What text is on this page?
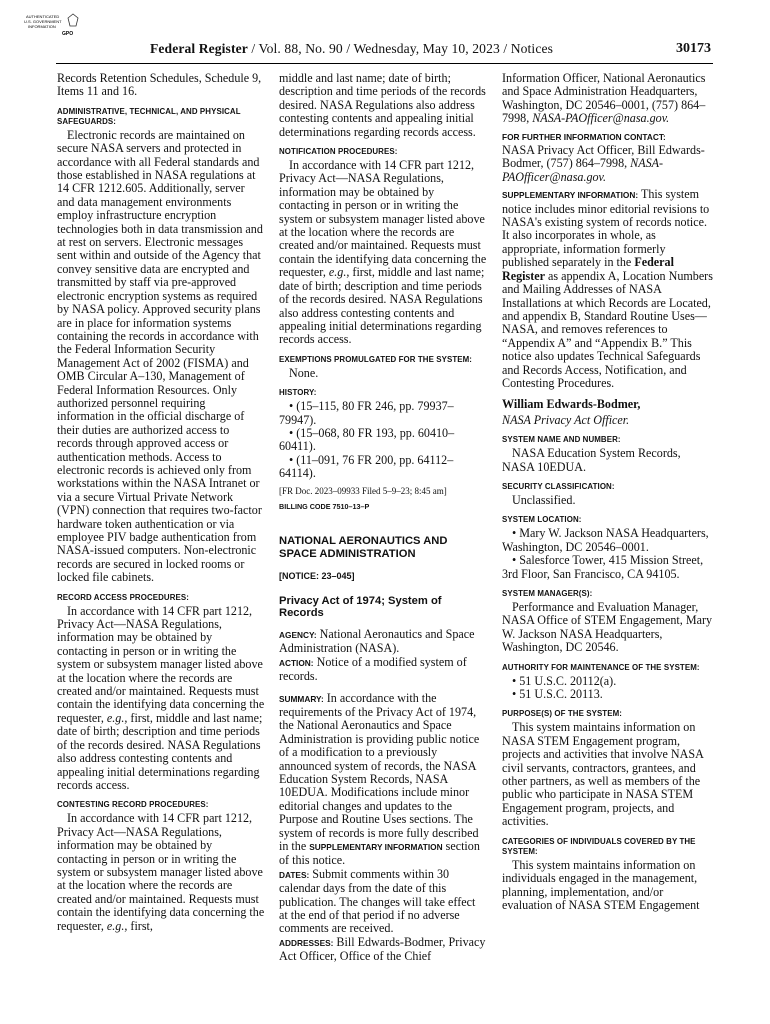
AUTHENTICATED
U.S. GOVERNMENT
INFORMATION
GPO
Federal Register / Vol. 88, No. 90 / Wednesday, May 10, 2023 / Notices	30173

Records Retention Schedules, Schedule 9, Items 11 and 16.

ADMINISTRATIVE, TECHNICAL, AND PHYSICAL SAFEGUARDS:

Electronic records are maintained on secure NASA servers and protected in accordance with all Federal standards and those established in NASA regulations at 14 CFR 1212.605. Additionally, server and data management environments employ infrastructure encryption technologies both in data transmission and at rest on servers. Electronic messages sent within and outside of the Agency that convey sensitive data are encrypted and transmitted by staff via pre-approved electronic encryption systems as required by NASA policy. Approved security plans are in place for information systems containing the records in accordance with the Federal Information Security Management Act of 2002 (FISMA) and OMB Circular A–130, Management of Federal Information Resources. Only authorized personnel requiring information in the official discharge of their duties are authorized access to records through approved access or authentication methods. Access to electronic records is achieved only from workstations within the NASA Intranet or via a secure Virtual Private Network (VPN) connection that requires two-factor hardware token authentication or via employee PIV badge authentication from NASA-issued computers. Non-electronic records are secured in locked rooms or locked file cabinets.

RECORD ACCESS PROCEDURES:

In accordance with 14 CFR part 1212, Privacy Act—NASA Regulations, information may be obtained by contacting in person or in writing the system or subsystem manager listed above at the location where the records are created and/or maintained. Requests must contain the identifying data concerning the requester, e.g., first, middle and last name; date of birth; description and time periods of the records desired. NASA Regulations also address contesting contents and appealing initial determinations regarding records access.

CONTESTING RECORD PROCEDURES:

In accordance with 14 CFR part 1212, Privacy Act—NASA Regulations, information may be obtained by contacting in person or in writing the system or subsystem manager listed above at the location where the records are created and/or maintained. Requests must contain the identifying data concerning the requester, e.g., first,

middle and last name; date of birth; description and time periods of the records desired. NASA Regulations also address contesting contents and appealing initial determinations regarding records access.

NOTIFICATION PROCEDURES:

In accordance with 14 CFR part 1212, Privacy Act—NASA Regulations, information may be obtained by contacting in person or in writing the system or subsystem manager listed above at the location where the records are created and/or maintained. Requests must contain the identifying data concerning the requester, e.g., first, middle and last name; date of birth; description and time periods of the records desired. NASA Regulations also address contesting contents and appealing initial determinations regarding records access.

EXEMPTIONS PROMULGATED FOR THE SYSTEM:

None.

HISTORY:

• (15–115, 80 FR 246, pp. 79937–79947).

• (15–068, 80 FR 193, pp. 60410–60411).

• (11–091, 76 FR 200, pp. 64112–64114).

[FR Doc. 2023–09933 Filed 5–9–23; 8:45 am]

BILLING CODE 7510–13–P

NATIONAL AERONAUTICS AND SPACE ADMINISTRATION

[NOTICE: 23–045]

Privacy Act of 1974; System of Records

AGENCY: National Aeronautics and Space Administration (NASA).

ACTION: Notice of a modified system of records.

SUMMARY: In accordance with the requirements of the Privacy Act of 1974, the National Aeronautics and Space Administration is providing public notice of a modification to a previously announced system of records, the NASA Education System Records, NASA 10EDUA. Modifications include minor editorial changes and updates to the Purpose and Routine Uses sections. The system of records is more fully described in the SUPPLEMENTARY INFORMATION section of this notice.

DATES: Submit comments within 30 calendar days from the date of this publication. The changes will take effect at the end of that period if no adverse comments are received.

ADDRESSES: Bill Edwards-Bodmer, Privacy Act Officer, Office of the Chief

Information Officer, National Aeronautics and Space Administration Headquarters, Washington, DC 20546–0001, (757) 864–7998, NASA-PAOfficer@nasa.gov.

FOR FURTHER INFORMATION CONTACT:
NASA Privacy Act Officer, Bill Edwards-Bodmer, (757) 864–7998, NASA-PAOfficer@nasa.gov.

SUPPLEMENTARY INFORMATION: This system notice includes minor editorial revisions to NASA's existing system of records notice. It also incorporates in whole, as appropriate, information formerly published separately in the Federal Register as appendix A, Location Numbers and Mailing Addresses of NASA Installations at which Records are Located, and appendix B, Standard Routine Uses—NASA, and removes references to “Appendix A” and “Appendix B.” This notice also updates Technical Safeguards and Records Access, Notification, and Contesting Procedures.

William Edwards-Bodmer,

NASA Privacy Act Officer.

SYSTEM NAME AND NUMBER:

NASA Education System Records, NASA 10EDUA.

SECURITY CLASSIFICATION:

Unclassified.

SYSTEM LOCATION:

• Mary W. Jackson NASA Headquarters, Washington, DC 20546–0001.

• Salesforce Tower, 415 Mission Street, 3rd Floor, San Francisco, CA 94105.

SYSTEM MANAGER(S):

Performance and Evaluation Manager, NASA Office of STEM Engagement, Mary W. Jackson NASA Headquarters, Washington, DC 20546.

AUTHORITY FOR MAINTENANCE OF THE SYSTEM:

• 51 U.S.C. 20112(a).

• 51 U.S.C. 20113.

PURPOSE(S) OF THE SYSTEM:

This system maintains information on NASA STEM Engagement program, projects and activities that involve NASA civil servants, contractors, grantees, and other partners, as well as members of the public who participate in NASA STEM Engagement program, projects, and activities.

CATEGORIES OF INDIVIDUALS COVERED BY THE SYSTEM:

This system maintains information on individuals engaged in the management, planning, implementation, and/or evaluation of NASA STEM Engagement
